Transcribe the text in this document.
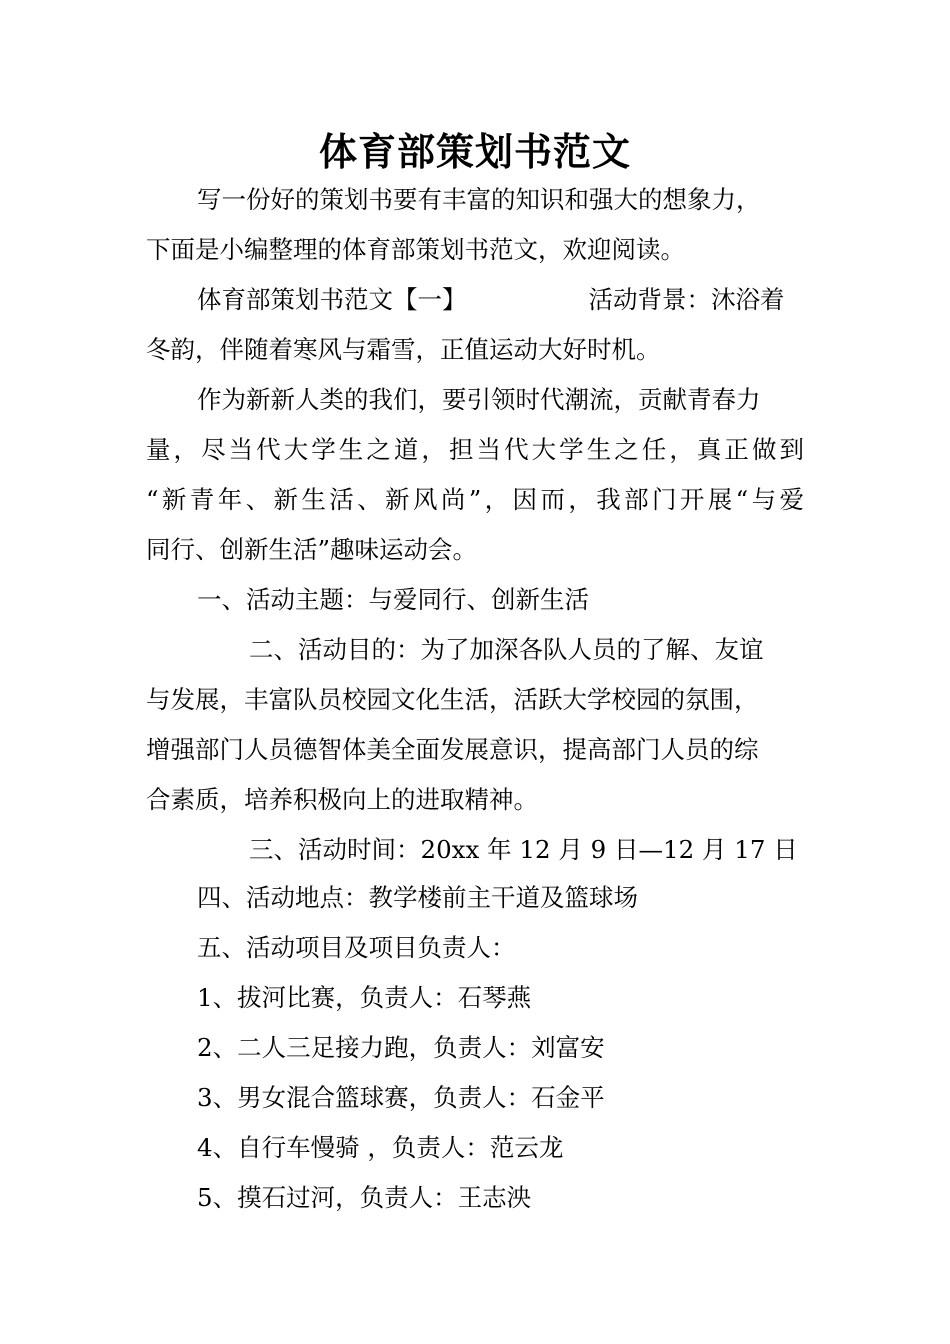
体育部策划书范文
写一份好的策划书要有丰富的知识和强大的想象力，
下面是小编整理的体育部策划书范文，欢迎阅读。
体育部策划书范文【一】	活动背景：沐浴着
冬韵，伴随着寒风与霜雪，正值运动大好时机。
作为新新人类的我们，要引领时代潮流，贡献青春力
量，尽当代大学生之道，担当代大学生之任，真正做到
“新青年、新生活、新风尚”，因而，我部门开展“与爱
同行、创新生活”趣味运动会。
一、活动主题：与爱同行、创新生活
二、活动目的：为了加深各队人员的了解、友谊
与发展，丰富队员校园文化生活，活跃大学校园的氛围，
增强部门人员德智体美全面发展意识，提高部门人员的综
合素质，培养积极向上的进取精神。
三、活动时间：20xx 年 12 月 9 日—12 月 17 日
四、活动地点：教学楼前主干道及篮球场
五、活动项目及项目负责人：
1、拔河比赛，负责人：石琴燕
2、二人三足接力跑，负责人：刘富安
3、男女混合篮球赛，负责人：石金平
4、自行车慢骑 ，负责人：范云龙
5、摸石过河，负责人：王志泱
